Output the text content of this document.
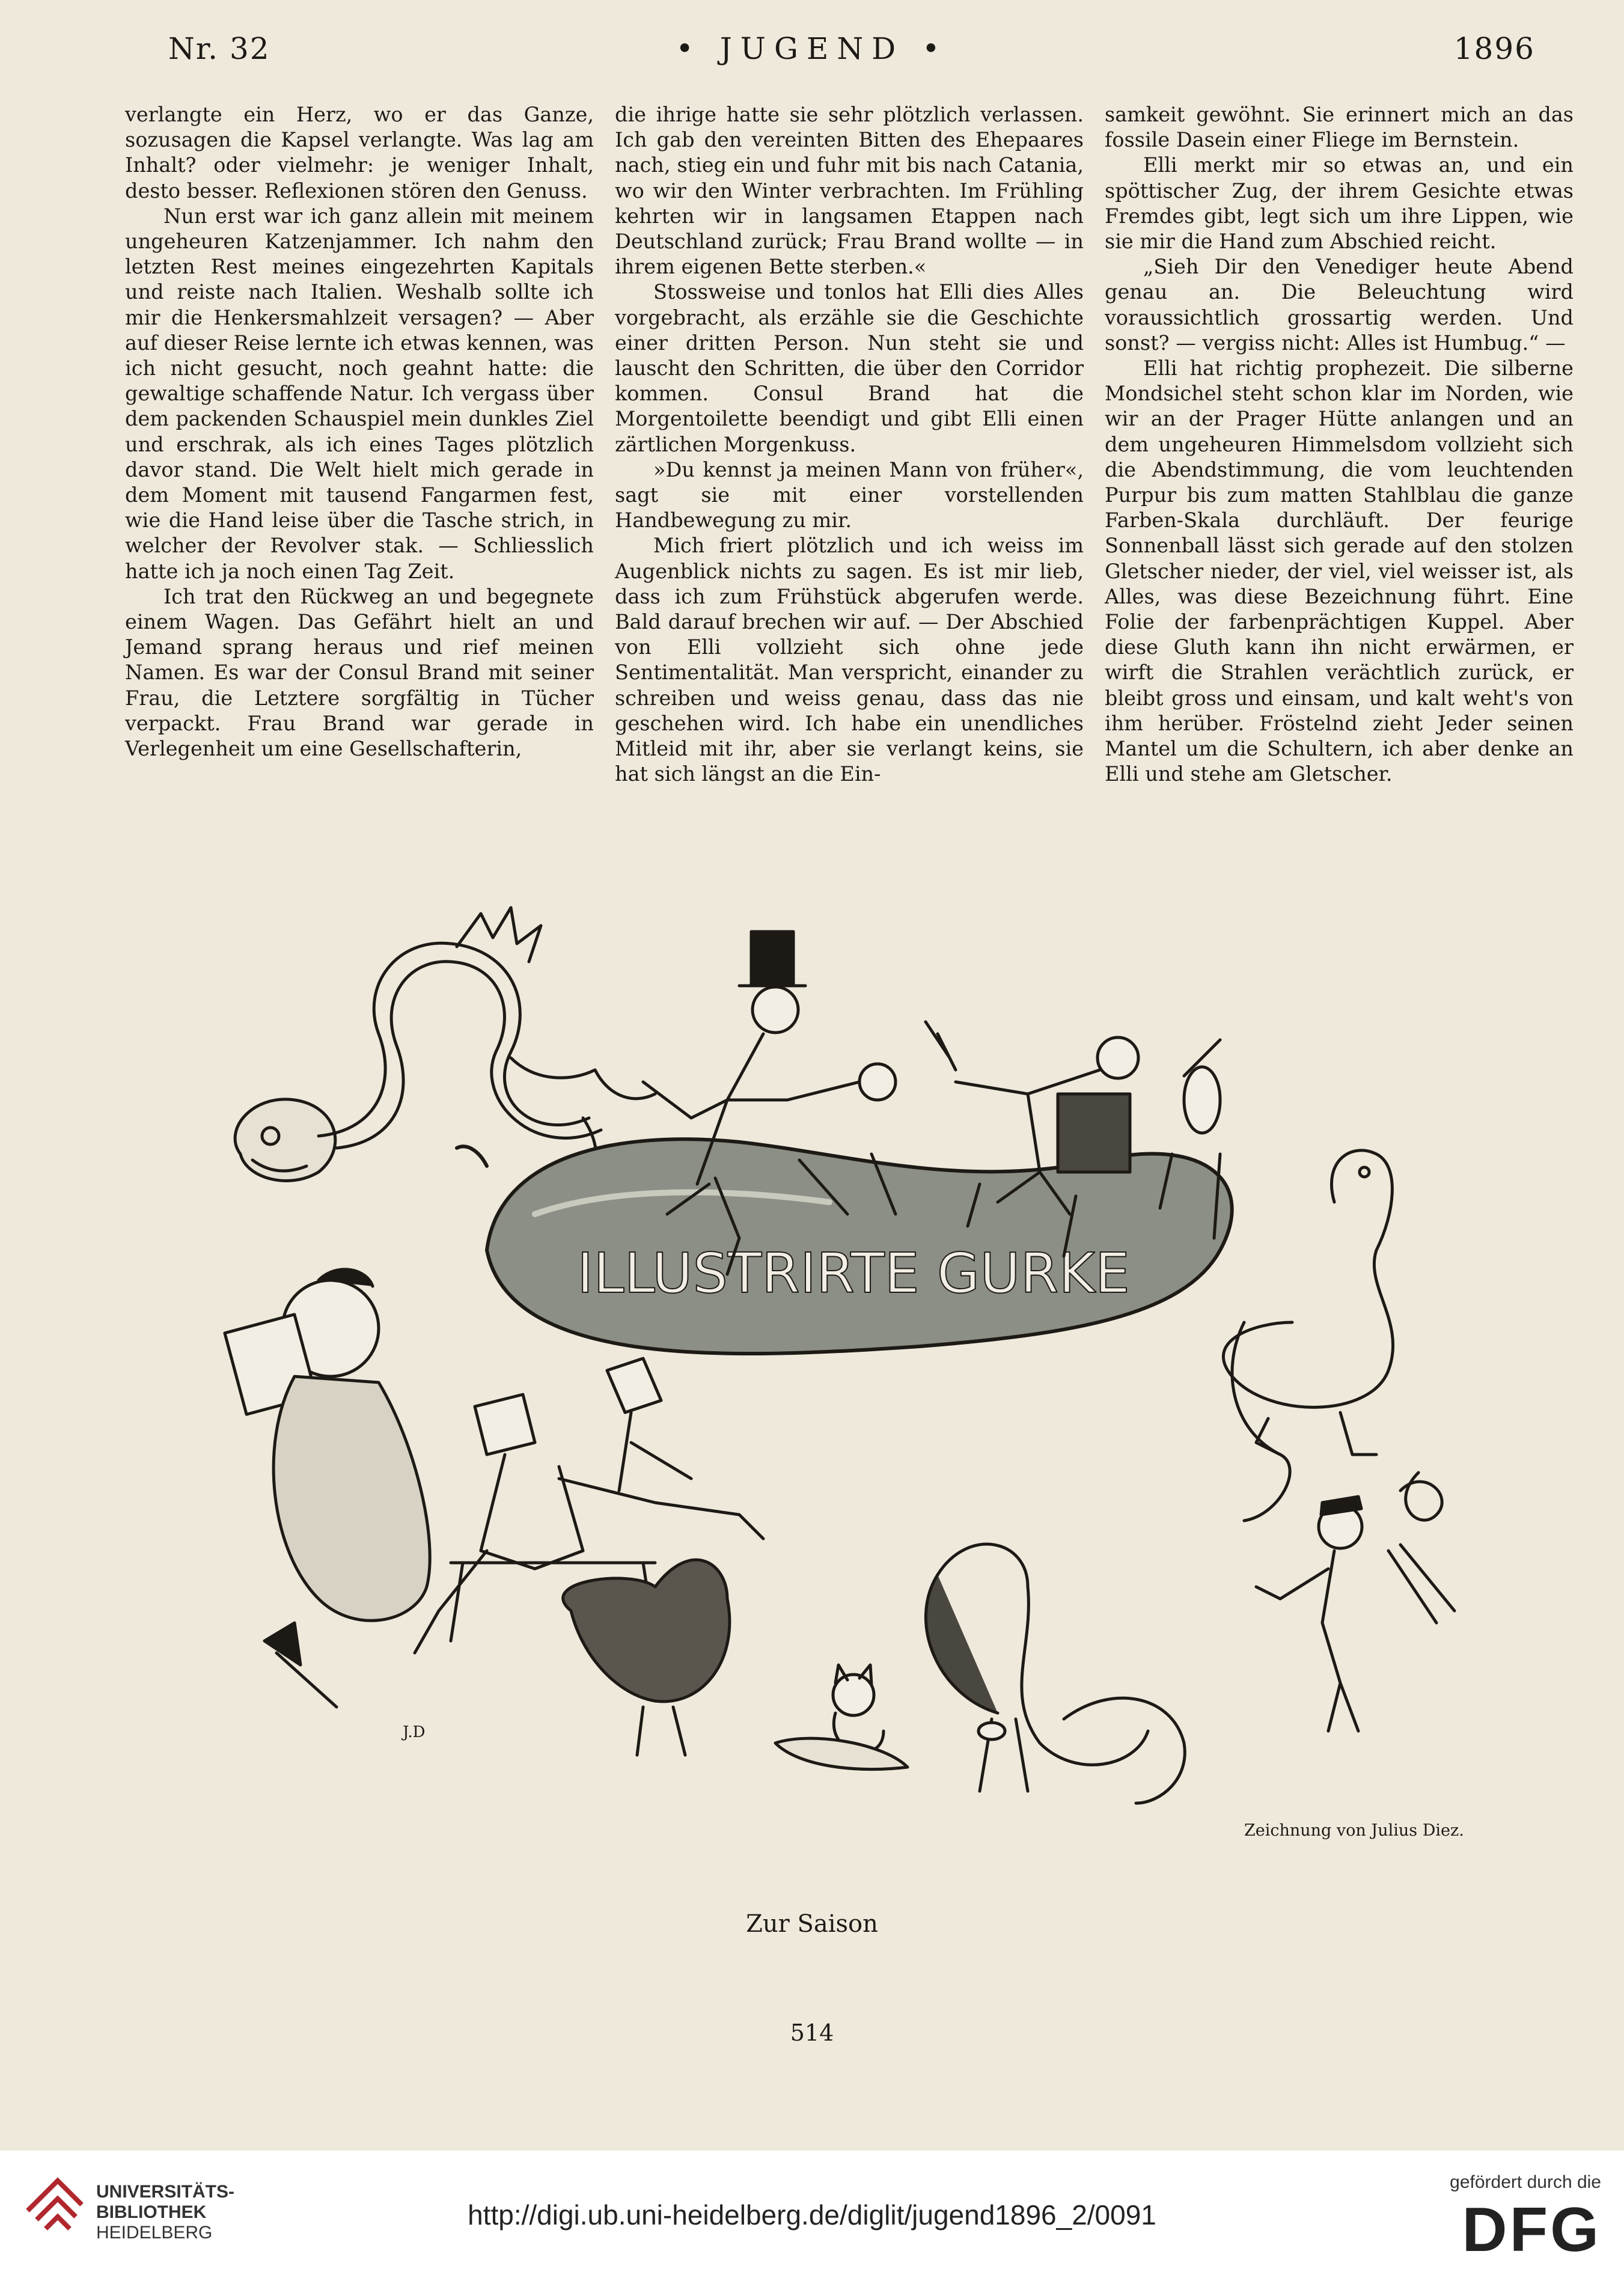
Nr. 32	• JUGEND •	1896

verlangte ein Herz, wo er das Ganze, sozusagen die Kapsel verlangte. Was lag am Inhalt? oder vielmehr: je weniger Inhalt, desto besser. Reflexionen stören den Genuss.

Nun erst war ich ganz allein mit meinem ungeheuren Katzenjammer. Ich nahm den letzten Rest meines eingezehrten Kapitals und reiste nach Italien. Weshalb sollte ich mir die Henkersmahlzeit versagen? — Aber auf dieser Reise lernte ich etwas kennen, was ich nicht gesucht, noch geahnt hatte: die gewaltige schaffende Natur. Ich vergass über dem packenden Schauspiel mein dunkles Ziel und erschrak, als ich eines Tages plötzlich davor stand. Die Welt hielt mich gerade in dem Moment mit tausend Fangarmen fest, wie die Hand leise über die Tasche strich, in welcher der Revolver stak. — Schliesslich hatte ich ja noch einen Tag Zeit.

Ich trat den Rückweg an und begegnete einem Wagen. Das Gefährt hielt an und Jemand sprang heraus und rief meinen Namen. Es war der Consul Brand mit seiner Frau, die Letztere sorgfältig in Tücher verpackt. Frau Brand war gerade in Verlegenheit um eine Gesellschafterin,

die ihrige hatte sie sehr plötzlich verlassen. Ich gab den vereinten Bitten des Ehepaares nach, stieg ein und fuhr mit bis nach Catania, wo wir den Winter verbrachten. Im Frühling kehrten wir in langsamen Etappen nach Deutschland zurück; Frau Brand wollte — in ihrem eigenen Bette sterben.«

Stossweise und tonlos hat Elli dies Alles vorgebracht, als erzähle sie die Geschichte einer dritten Person. Nun steht sie und lauscht den Schritten, die über den Corridor kommen. Consul Brand hat die Morgentoilette beendigt und gibt Elli einen zärtlichen Morgenkuss.

»Du kennst ja meinen Mann von früher«, sagt sie mit einer vorstellenden Handbewegung zu mir.

Mich friert plötzlich und ich weiss im Augenblick nichts zu sagen. Es ist mir lieb, dass ich zum Frühstück abgerufen werde. Bald darauf brechen wir auf. — Der Abschied von Elli vollzieht sich ohne jede Sentimentalität. Man verspricht, einander zu schreiben und weiss genau, dass das nie geschehen wird. Ich habe ein unendliches Mitleid mit ihr, aber sie verlangt keins, sie hat sich längst an die Ein-

samkeit gewöhnt. Sie erinnert mich an das fossile Dasein einer Fliege im Bernstein.

Elli merkt mir so etwas an, und ein spöttischer Zug, der ihrem Gesichte etwas Fremdes gibt, legt sich um ihre Lippen, wie sie mir die Hand zum Abschied reicht.

„Sieh Dir den Venediger heute Abend genau an. Die Beleuchtung wird voraussichtlich grossartig werden. Und sonst? — vergiss nicht: Alles ist Humbug.“ —

Elli hat richtig prophezeit. Die silberne Mondsichel steht schon klar im Norden, wie wir an der Prager Hütte anlangen und an dem ungeheuren Himmelsdom vollzieht sich die Abendstimmung, die vom leuchtenden Purpur bis zum matten Stahlblau die ganze Farben-Skala durchläuft. Der feurige Sonnenball lässt sich gerade auf den stolzen Gletscher nieder, der viel, viel weisser ist, als Alles, was diese Bezeichnung führt. Eine Folie der farbenprächtigen Kuppel. Aber diese Gluth kann ihn nicht erwärmen, er wirft die Strahlen verächtlich zurück, er bleibt gross und einsam, und kalt weht's von ihm herüber. Fröstelnd zieht Jeder seinen Mantel um die Schultern, ich aber denke an Elli und stehe am Gletscher.

ILLUSTRIRTE GURKE
J.D
Zeichnung von Julius Diez.
Zur Saison
514
UNIVERSITÄTS-
BIBLIOTHEK
HEIDELBERG
http://digi.ub.uni-heidelberg.de/diglit/jugend1896_2/0091
gefördert durch die
DFG
